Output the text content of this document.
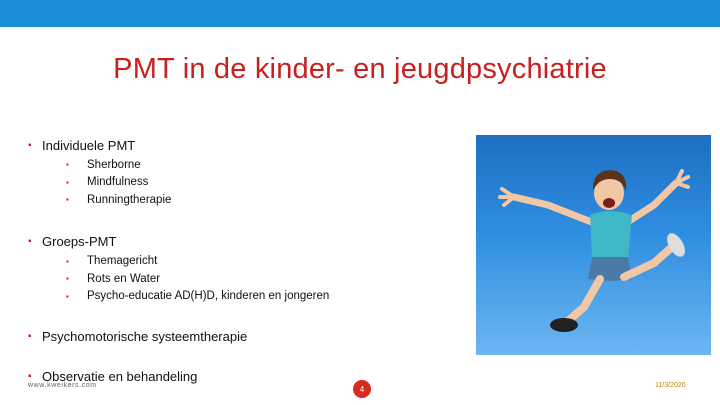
PMT in de kinder- en jeugdpsychiatrie
▪ Individuele PMT
▪	Sherborne
▪	Mindfulness
▪	Runningtherapie
▪ Groeps-PMT
▪	Themagericht
▪	Rots en Water
▪	Psycho-educatie AD(H)D, kinderen en jongeren
▪ Psychomotorische systeemtherapie
▪ Observatie en behandeling
www.kweikers.com	4	11/3/2020
